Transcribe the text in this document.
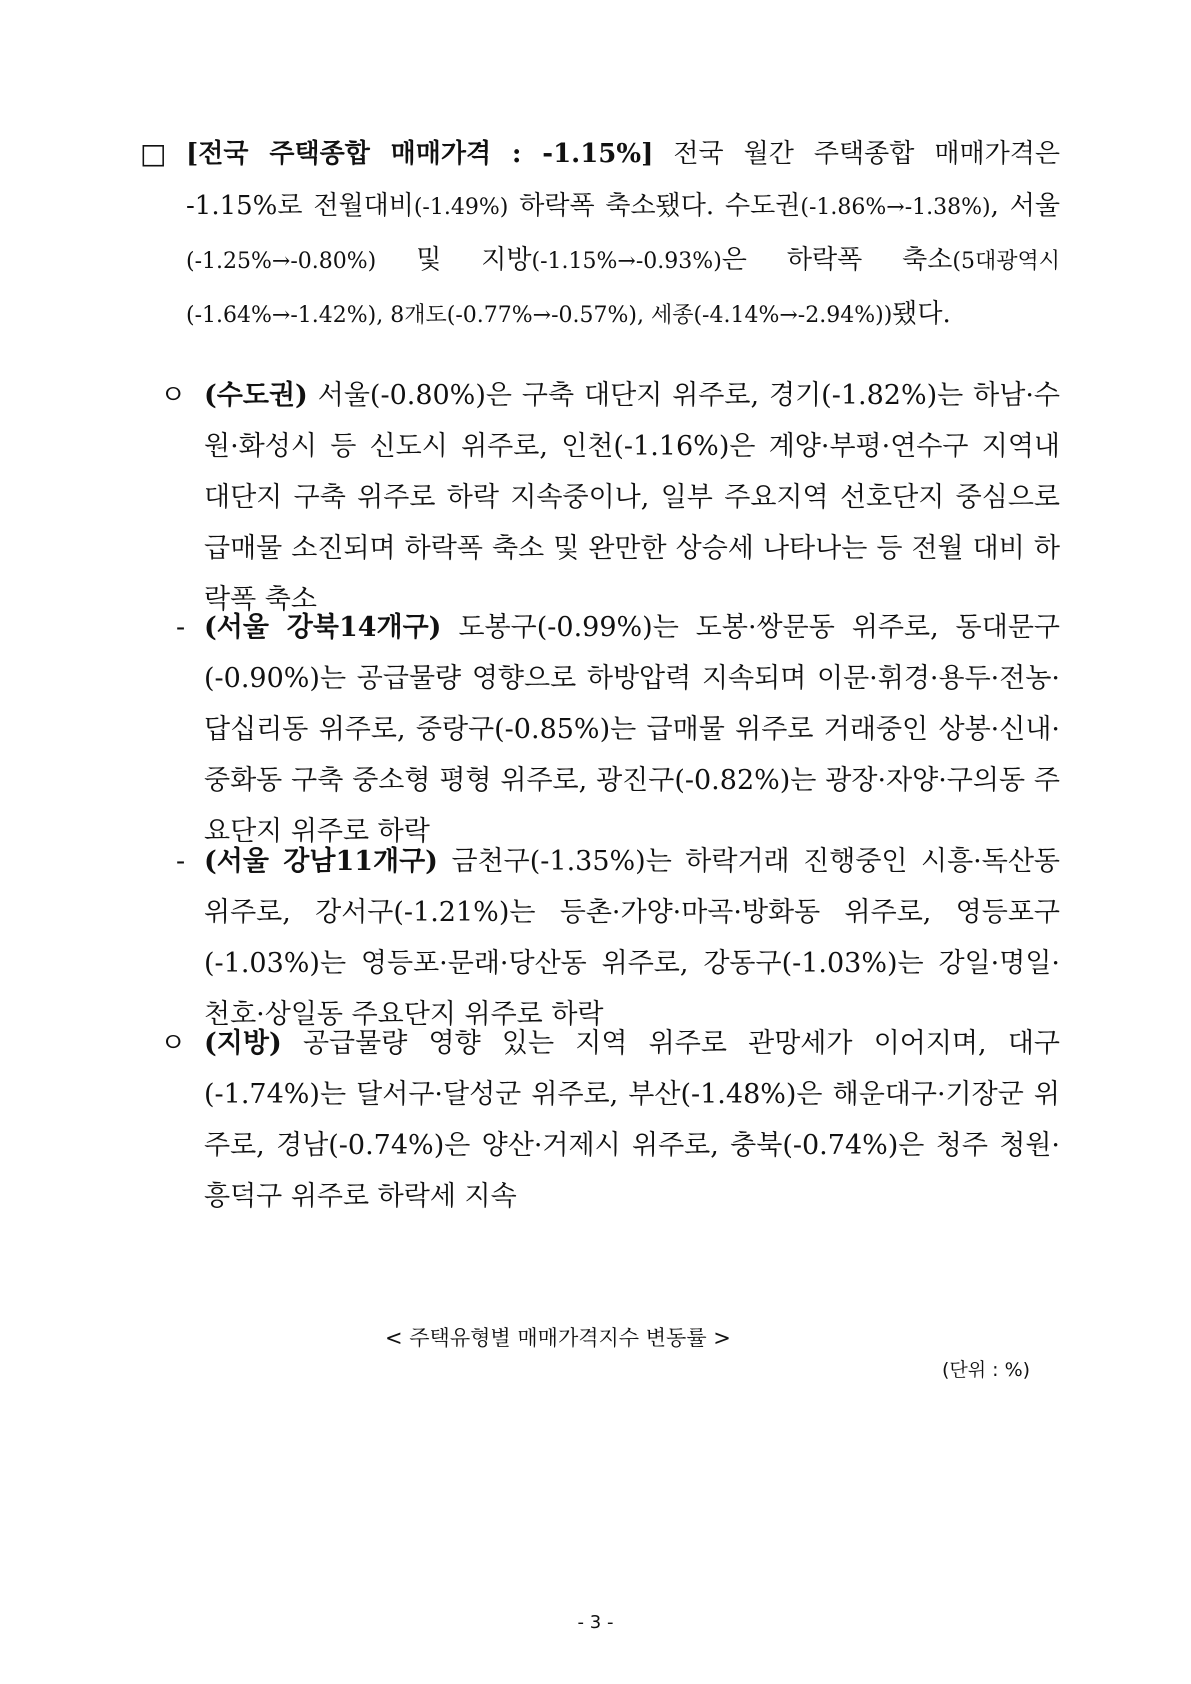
□ [전국 주택종합 매매가격 : -1.15%] 전국 월간 주택종합 매매가격은 -1.15%로 전월대비(-1.49%) 하락폭 축소됐다. 수도권(-1.86%→-1.38%), 서울(-1.25%→-0.80%) 및 지방(-1.15%→-0.93%)은 하락폭 축소(5대광역시(-1.64%→-1.42%), 8개도(-0.77%→-0.57%), 세종(-4.14%→-2.94%))됐다.
ㅇ (수도권) 서울(-0.80%)은 구축 대단지 위주로, 경기(-1.82%)는 하남·수원·화성시 등 신도시 위주로, 인천(-1.16%)은 계양·부평·연수구 지역내 대단지 구축 위주로 하락 지속중이나, 일부 주요지역 선호단지 중심으로 급매물 소진되며 하락폭 축소 및 완만한 상승세 나타나는 등 전월 대비 하락폭 축소
- (서울 강북14개구) 도봉구(-0.99%)는 도봉·쌍문동 위주로, 동대문구(-0.90%)는 공급물량 영향으로 하방압력 지속되며 이문·휘경·용두·전농·답십리동 위주로, 중랑구(-0.85%)는 급매물 위주로 거래중인 상봉·신내·중화동 구축 중소형 평형 위주로, 광진구(-0.82%)는 광장·자양·구의동 주요단지 위주로 하락
- (서울 강남11개구) 금천구(-1.35%)는 하락거래 진행중인 시흥·독산동 위주로, 강서구(-1.21%)는 등촌·가양·마곡·방화동 위주로, 영등포구(-1.03%)는 영등포·문래·당산동 위주로, 강동구(-1.03%)는 강일·명일·천호·상일동 주요단지 위주로 하락
ㅇ (지방) 공급물량 영향 있는 지역 위주로 관망세가 이어지며, 대구(-1.74%)는 달서구·달성군 위주로, 부산(-1.48%)은 해운대구·기장군 위주로, 경남(-0.74%)은 양산·거제시 위주로, 충북(-0.74%)은 청주 청원·흥덕구 위주로 하락세 지속
< 주택유형별 매매가격지수 변동률 >
(단위 : %)
- 3 -
